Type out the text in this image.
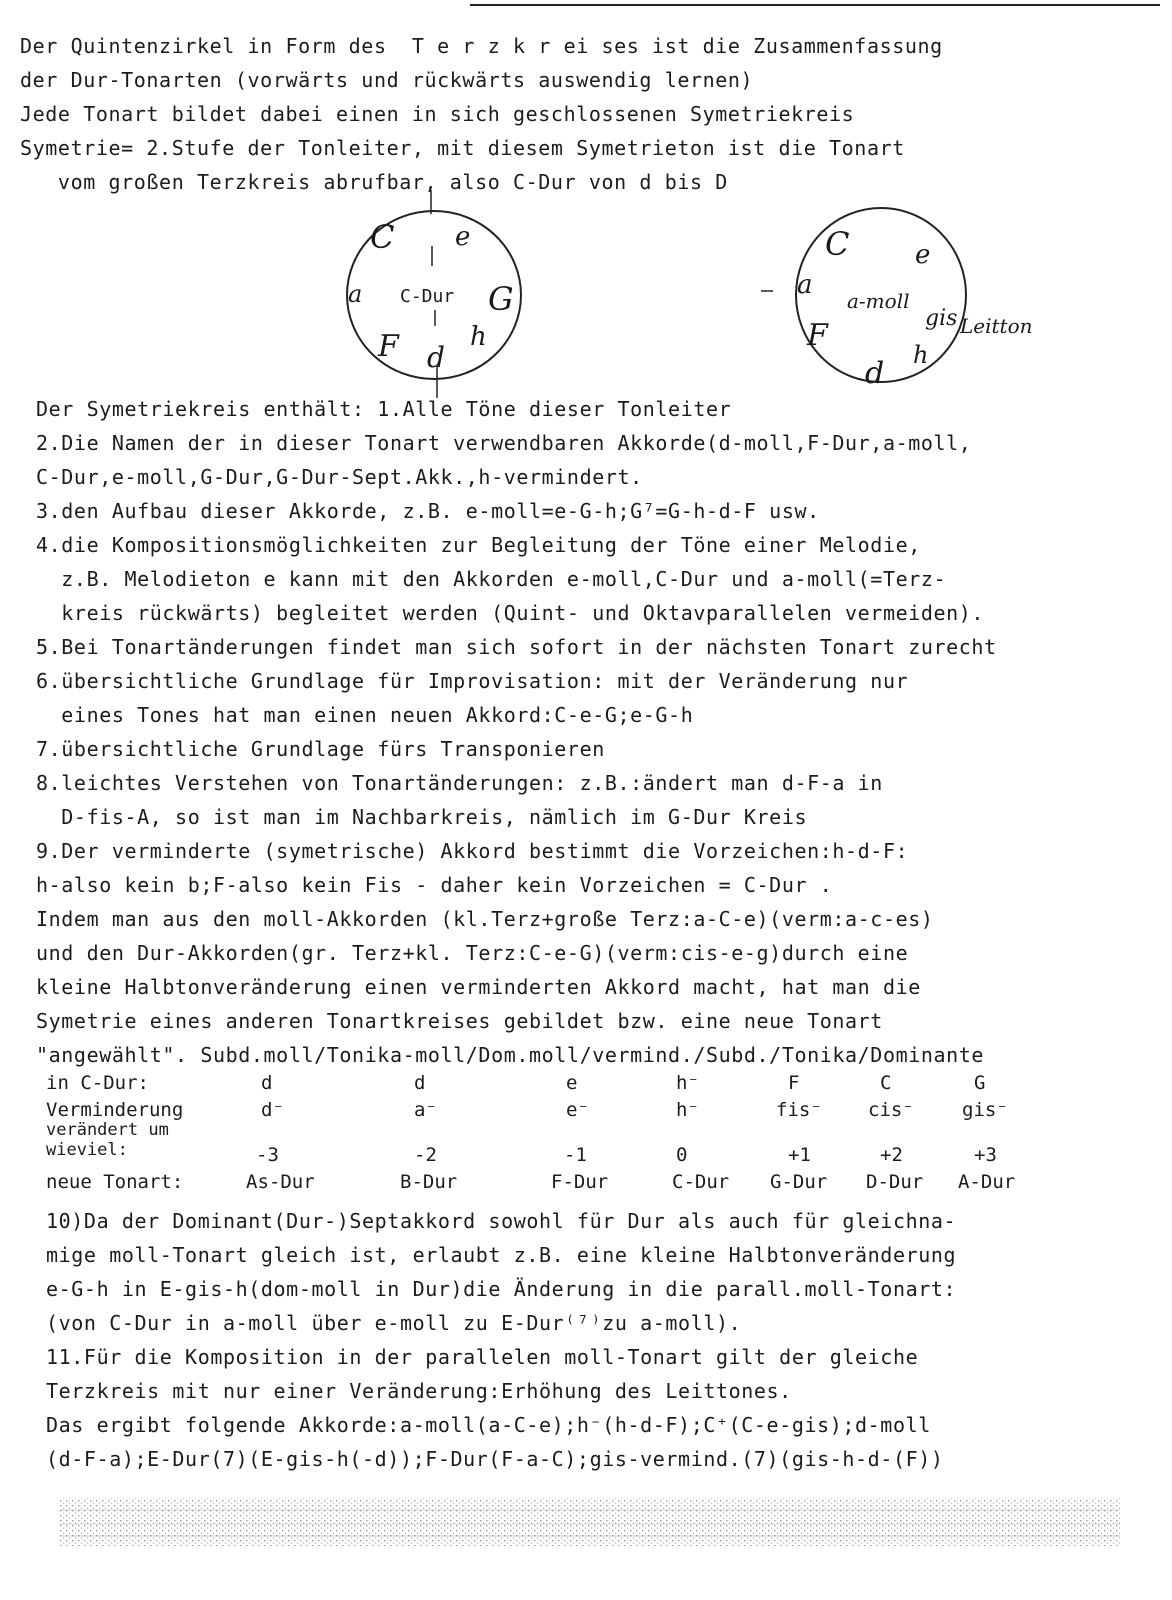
Der Quintenzirkel in Form des  T e r z k r ei ses ist die Zusammenfassung
der Dur-Tonarten (vorwärts und rückwärts auswendig lernen)
Jede Tonart bildet dabei einen in sich geschlossenen Symetriekreis
Symetrie= 2.Stufe der Tonleiter, mit diesem Symetrieton ist die Tonart
vom großen Terzkreis abrufbar, also C-Dur von d bis D
C e
G
h
d
F
a C-Dur
C	e
gis
h
d
F
a
a-moll
Leitton
Der Symetriekreis enthält: 1.Alle Töne dieser Tonleiter
2.Die Namen der in dieser Tonart verwendbaren Akkorde(d-moll,F-Dur,a-moll,
C-Dur,e-moll,G-Dur,G-Dur-Sept.Akk.,h-vermindert.
3.den Aufbau dieser Akkorde, z.B. e-moll=e-G-h;G⁷=G-h-d-F usw.
4.die Kompositionsmöglichkeiten zur Begleitung der Töne einer Melodie,
z.B. Melodieton e kann mit den Akkorden e-moll,C-Dur und a-moll(=Terz-
kreis rückwärts) begleitet werden (Quint- und Oktavparallelen vermeiden).
5.Bei Tonartänderungen findet man sich sofort in der nächsten Tonart zurecht
6.übersichtliche Grundlage für Improvisation: mit der Veränderung nur
eines Tones hat man einen neuen Akkord:C-e-G;e-G-h
7.übersichtliche Grundlage fürs Transponieren
8.leichtes Verstehen von Tonartänderungen: z.B.:ändert man d-F-a in
D-fis-A, so ist man im Nachbarkreis, nämlich im G-Dur Kreis
9.Der verminderte (symetrische) Akkord bestimmt die Vorzeichen:h-d-F:
h-also kein b;F-also kein Fis - daher kein Vorzeichen = C-Dur .
Indem man aus den moll-Akkorden (kl.Terz+große Terz:a-C-e)(verm:a-c-es)
und den Dur-Akkorden(gr. Terz+kl. Terz:C-e-G)(verm:cis-e-g)durch eine
kleine Halbtonveränderung einen verminderten Akkord macht, hat man die
Symetrie eines anderen Tonartkreises gebildet bzw. eine neue Tonart
"angewählt". Subd.moll/Tonika-moll/Dom.moll/vermind./Subd./Tonika/Dominante
in C-Dur:	d	d	e	h⁻	F	C	G
Verminderung	d⁻	a⁻	e⁻	h⁻	fis⁻ cis⁻	gis⁻
verändert um
wieviel:	-3	-2	-1	0	+1	+2	+3
neue Tonart:	As-Dur	B-Dur	F-Dur	C-Dur G-Dur D-Dur A-Dur
10)Da der Dominant(Dur-)Septakkord sowohl für Dur als auch für gleichna-
mige moll-Tonart gleich ist, erlaubt z.B. eine kleine Halbtonveränderung
e-G-h in E-gis-h(dom-moll in Dur)die Änderung in die parall.moll-Tonart:
(von C-Dur in a-moll über e-moll zu E-Dur⁽⁷⁾zu a-moll).
11.Für die Komposition in der parallelen moll-Tonart gilt der gleiche
Terzkreis mit nur einer Veränderung:Erhöhung des Leittones.
Das ergibt folgende Akkorde:a-moll(a-C-e);h⁻(h-d-F);C⁺(C-e-gis);d-moll
(d-F-a);E-Dur(7)(E-gis-h(-d));F-Dur(F-a-C);gis-vermind.(7)(gis-h-d-(F))
